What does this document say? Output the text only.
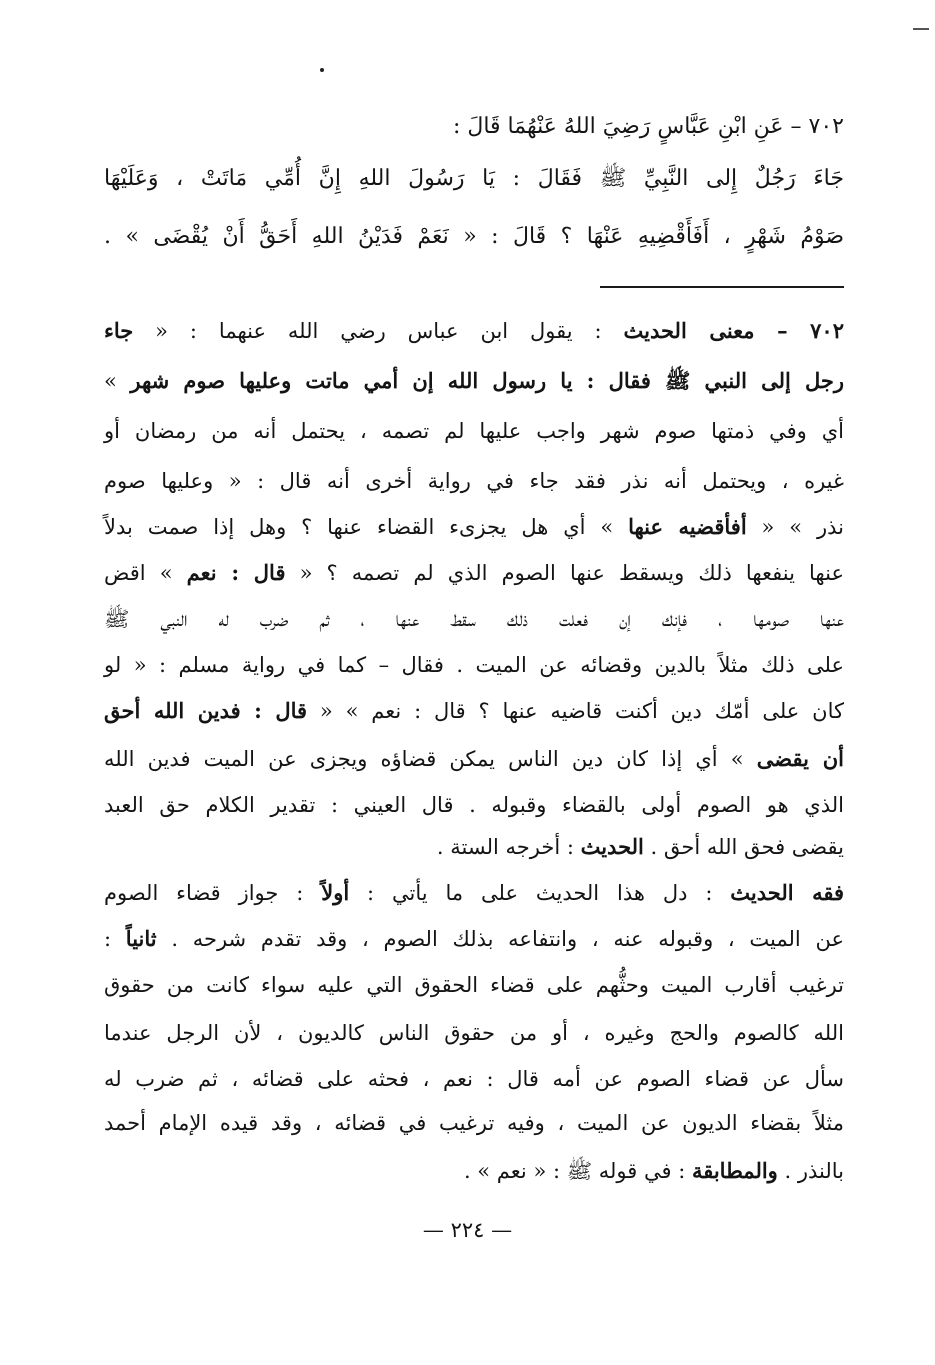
٧٠٢ – عَنِ ابْنِ عَبَّاسٍ رَضِيَ اللهُ عَنْهُمَا قَالَ :
جَاءَ رَجُلٌ إِلى النَّبِيِّ ﷺ فَقَالَ : يَا رَسُولَ اللهِ إِنَّ أُمِّي مَاتَتْ ، وَعَلَيْهَا
صَوْمُ شَهْرٍ ، أَفَأَقْضِيهِ عَنْهَا ؟ قَالَ : « نَعَمْ فَدَيْنُ اللهِ أَحَقُّ أَنْ يُقْضَى » .
٧٠٢ – معنى الحديث : يقول ابن عباس رضي الله عنهما : « جاء
رجل إلى النبي ﷺ فقال : يا رسول الله إن أمي ماتت وعليها صوم شهر »
أي وفي ذمتها صوم شهر واجب عليها لم تصمه ، يحتمل أنه من رمضان أو
غيره ، ويحتمل أنه نذر فقد جاء في رواية أخرى أنه قال : « وعليها صوم
نذر » « أفأقضيه عنها » أي هل يجزىء القضاء عنها ؟ وهل إذا صمت بدلاً
عنها ينفعها ذلك ويسقط عنها الصوم الذي لم تصمه ؟ « قال : نعم » اقض
عنها صومها ، فإنك إن فعلت ذلك سقط عنها ، ثم ضرب له النبي ﷺ
على ذلك مثلاً بالدين وقضائه عن الميت . فقال – كما في رواية مسلم : « لو
كان على أمّك دين أكنت قاضيه عنها ؟ قال : نعم » « قال : فدين الله أحق
أن يقضى » أي إذا كان دين الناس يمكن قضاؤه ويجزى عن الميت فدين الله
الذي هو الصوم أولى بالقضاء وقبوله . قال العيني : تقدير الكلام حق العبد
يقضى فحق الله أحق . الحديث : أخرجه الستة .
فقه الحديث : دل هذا الحديث على ما يأتي : أولاً : جواز قضاء الصوم
عن الميت ، وقبوله عنه ، وانتفاعه بذلك الصوم ، وقد تقدم شرحه . ثانياً :
ترغيب أقارب الميت وحثُّهم على قضاء الحقوق التي عليه سواء كانت من حقوق
الله كالصوم والحج وغيره ، أو من حقوق الناس كالديون ، لأن الرجل عندما
سأل عن قضاء الصوم عن أمه قال : نعم ، فحثه على قضائه ، ثم ضرب له
مثلاً بقضاء الديون عن الميت ، وفيه ترغيب في قضائه ، وقد قيده الإمام أحمد
بالنذر . والمطابقة : في قوله ﷺ : « نعم » .
— ٢٢٤ —
